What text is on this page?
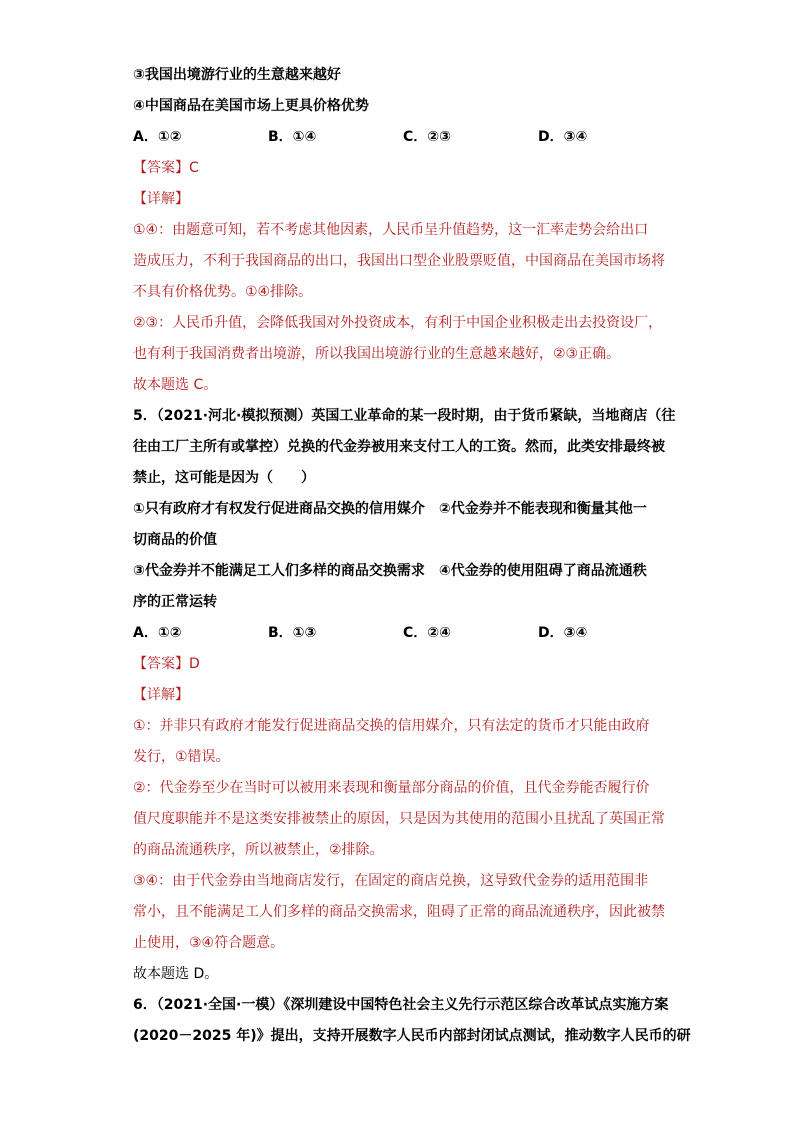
③我国出境游行业的生意越来越好
④中国商品在美国市场上更具价格优势
A．①②	B．①④	C．②③	D．③④
【答案】C
【详解】
①④：由题意可知，若不考虑其他因素，人民币呈升值趋势，这一汇率走势会给出口
造成压力，不利于我国商品的出口，我国出口型企业股票贬值，中国商品在美国市场将
不具有价格优势。①④排除。
②③：人民币升值，会降低我国对外投资成本，有利于中国企业积极走出去投资设厂，
也有利于我国消费者出境游，所以我国出境游行业的生意越来越好，②③正确。
故本题选 C。
5．（2021·河北·模拟预测）英国工业革命的某一段时期，由于货币紧缺，当地商店（往
往由工厂主所有或掌控）兑换的代金券被用来支付工人的工资。然而，此类安排最终被
禁止，这可能是因为（　　）
①只有政府才有权发行促进商品交换的信用媒介　②代金券并不能表现和衡量其他一
切商品的价值
③代金券并不能满足工人们多样的商品交换需求　④代金券的使用阻碍了商品流通秩
序的正常运转
A．①②	B．①③	C．②④	D．③④
【答案】D
【详解】
①：并非只有政府才能发行促进商品交换的信用媒介，只有法定的货币才只能由政府
发行，①错误。
②：代金券至少在当时可以被用来表现和衡量部分商品的价值，且代金券能否履行价
值尺度职能并不是这类安排被禁止的原因，只是因为其使用的范围小且扰乱了英国正常
的商品流通秩序，所以被禁止，②排除。
③④：由于代金券由当地商店发行，在固定的商店兑换，这导致代金券的适用范围非
常小，且不能满足工人们多样的商品交换需求，阻碍了正常的商品流通秩序，因此被禁
止使用，③④符合题意。
故本题选 D。
6．（2021·全国·一模）《深圳建设中国特色社会主义先行示范区综合改革试点实施方案
(2020－2025 年)》提出，支持开展数字人民币内部封闭试点测试，推动数字人民币的研
